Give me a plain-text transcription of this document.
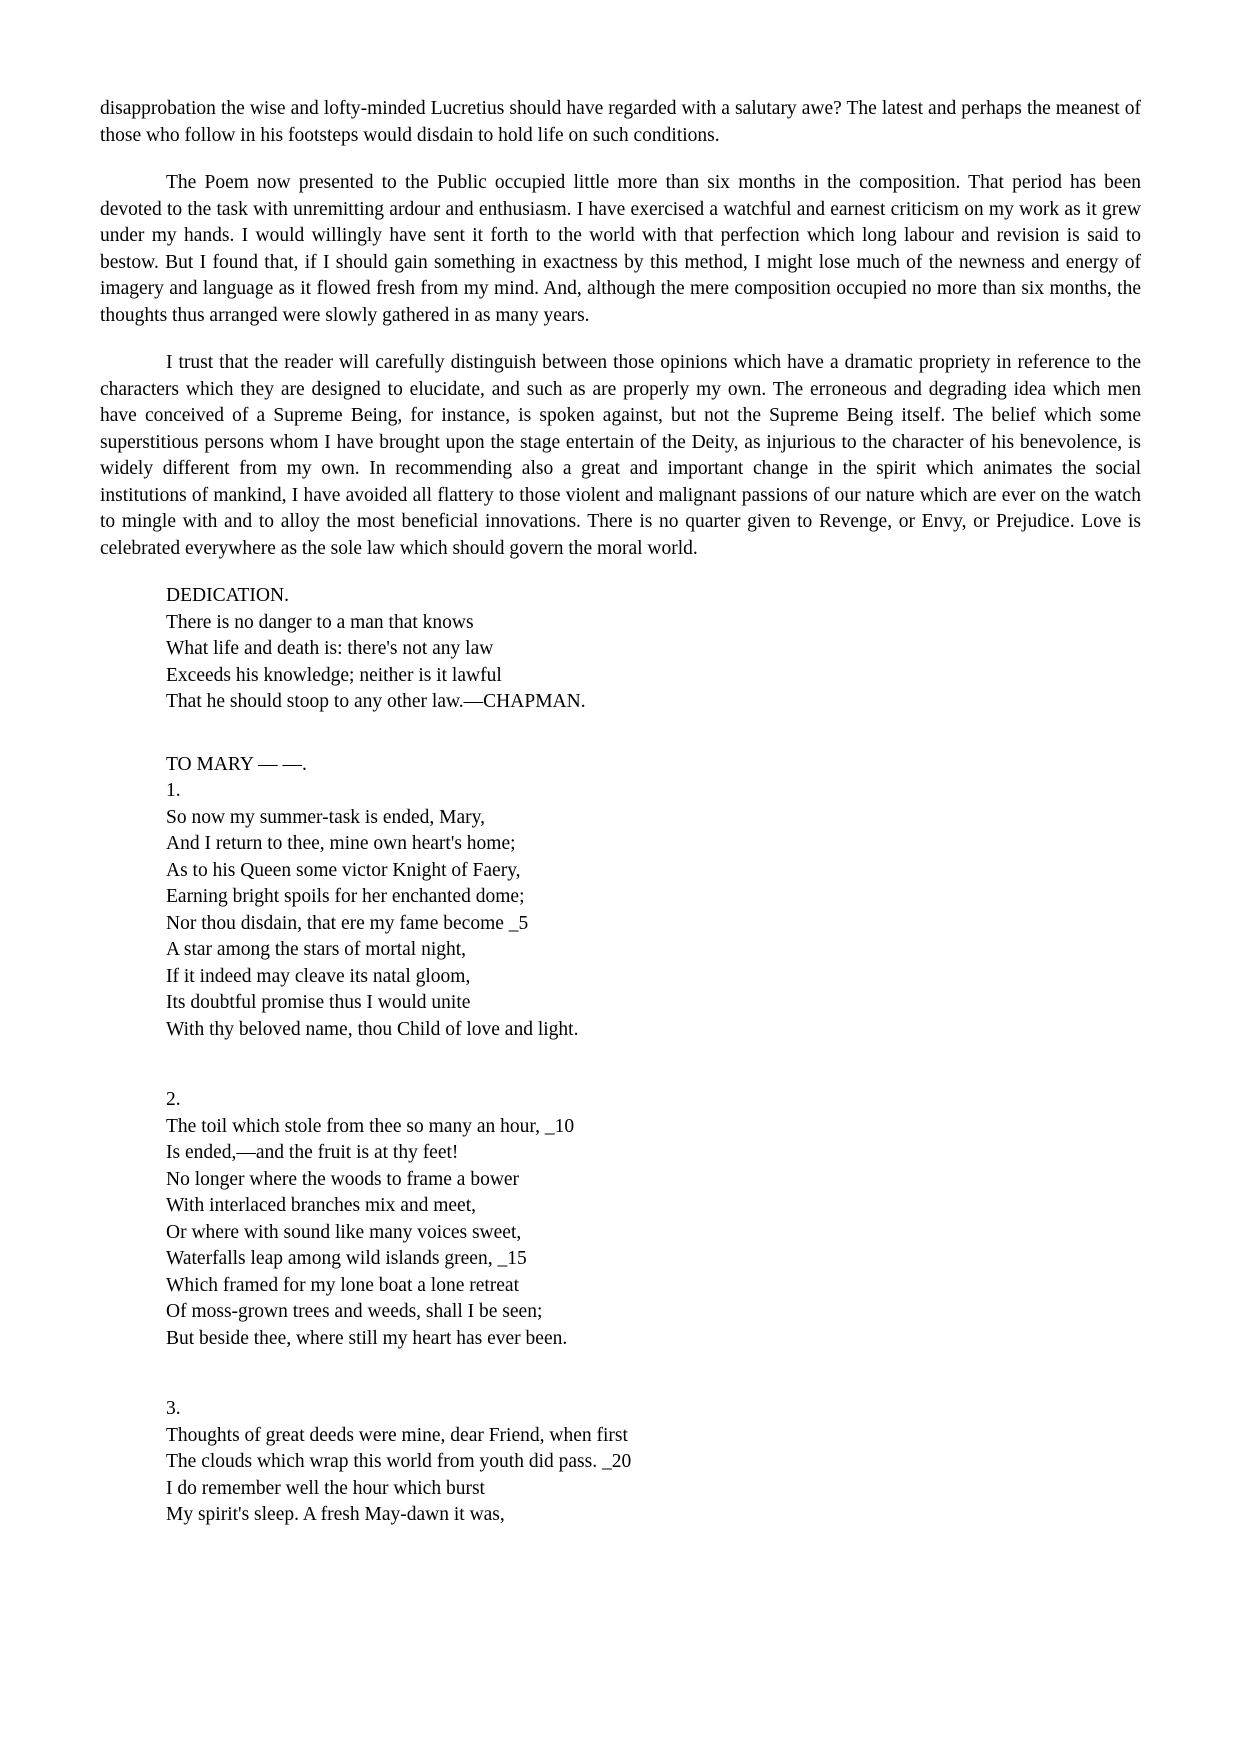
disapprobation the wise and lofty-minded Lucretius should have regarded with a salutary awe? The latest and perhaps the meanest of those who follow in his footsteps would disdain to hold life on such conditions.

The Poem now presented to the Public occupied little more than six months in the composition. That period has been devoted to the task with unremitting ardour and enthusiasm. I have exercised a watchful and earnest criticism on my work as it grew under my hands. I would willingly have sent it forth to the world with that perfection which long labour and revision is said to bestow. But I found that, if I should gain something in exactness by this method, I might lose much of the newness and energy of imagery and language as it flowed fresh from my mind. And, although the mere composition occupied no more than six months, the thoughts thus arranged were slowly gathered in as many years.

I trust that the reader will carefully distinguish between those opinions which have a dramatic propriety in reference to the characters which they are designed to elucidate, and such as are properly my own. The erroneous and degrading idea which men have conceived of a Supreme Being, for instance, is spoken against, but not the Supreme Being itself. The belief which some superstitious persons whom I have brought upon the stage entertain of the Deity, as injurious to the character of his benevolence, is widely different from my own. In recommending also a great and important change in the spirit which animates the social institutions of mankind, I have avoided all flattery to those violent and malignant passions of our nature which are ever on the watch to mingle with and to alloy the most beneficial innovations. There is no quarter given to Revenge, or Envy, or Prejudice. Love is celebrated everywhere as the sole law which should govern the moral world.

DEDICATION.
There is no danger to a man that knows
What life and death is: there's not any law
Exceeds his knowledge; neither is it lawful
That he should stoop to any other law.—CHAPMAN.
TO MARY — —.
1.
So now my summer-task is ended, Mary,
And I return to thee, mine own heart's home;
As to his Queen some victor Knight of Faery,
Earning bright spoils for her enchanted dome;
Nor thou disdain, that ere my fame become _5
A star among the stars of mortal night,
If it indeed may cleave its natal gloom,
Its doubtful promise thus I would unite
With thy beloved name, thou Child of love and light.
2.
The toil which stole from thee so many an hour, _10
Is ended,—and the fruit is at thy feet!
No longer where the woods to frame a bower
With interlaced branches mix and meet,
Or where with sound like many voices sweet,
Waterfalls leap among wild islands green, _15
Which framed for my lone boat a lone retreat
Of moss-grown trees and weeds, shall I be seen;
But beside thee, where still my heart has ever been.
3.
Thoughts of great deeds were mine, dear Friend, when first
The clouds which wrap this world from youth did pass. _20
I do remember well the hour which burst
My spirit's sleep. A fresh May-dawn it was,
